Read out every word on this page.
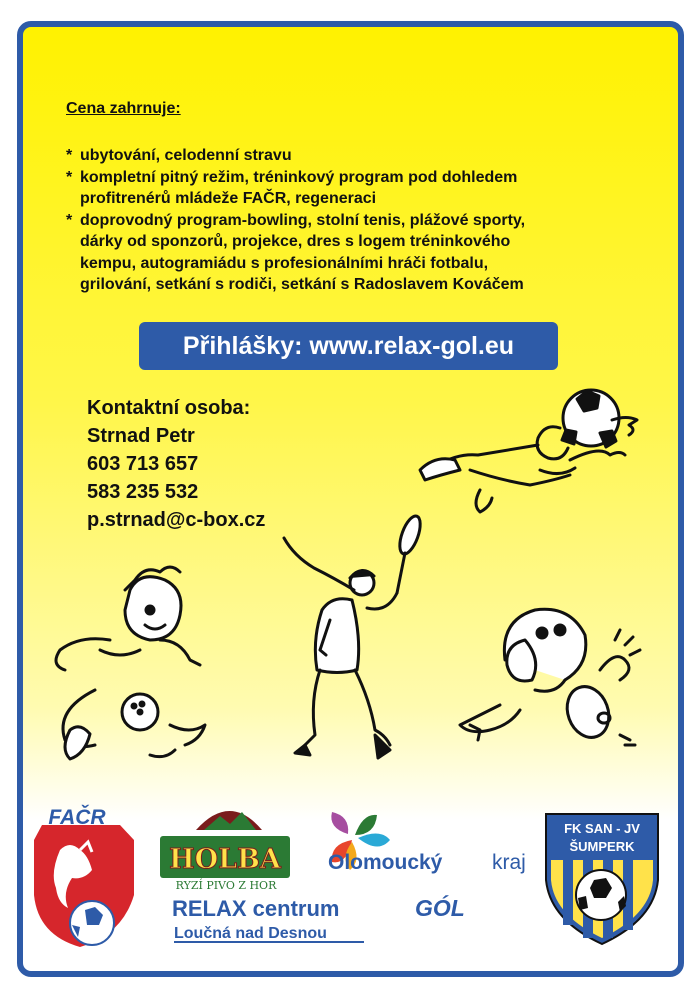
Cena zahrnuje:
* ubytování, celodenní stravu
* kompletní pitný režim, tréninkový program pod dohledem
profitrenérů mládeže FAČR, regeneraci
* doprovodný program-bowling, stolní tenis, plážové sporty,
dárky od sponzorů, projekce, dres s logem tréninkového
kempu, autogramiádu s profesionálními hráči fotbalu,
grilování, setkání s rodiči, setkání s Radoslavem Kováčem
Přihlášky: www.relax-gol.eu
Kontaktní osoba:
Strnad Petr
603 713 657
583 235 532
p.strnad@c-box.cz
FAČR
HOLBA
RYZÍ PIVO Z HOR
Olomoucký kraj
RELAX centrum
Loučná nad Desnou
GÓL
FK SAN - JV
ŠUMPERK
